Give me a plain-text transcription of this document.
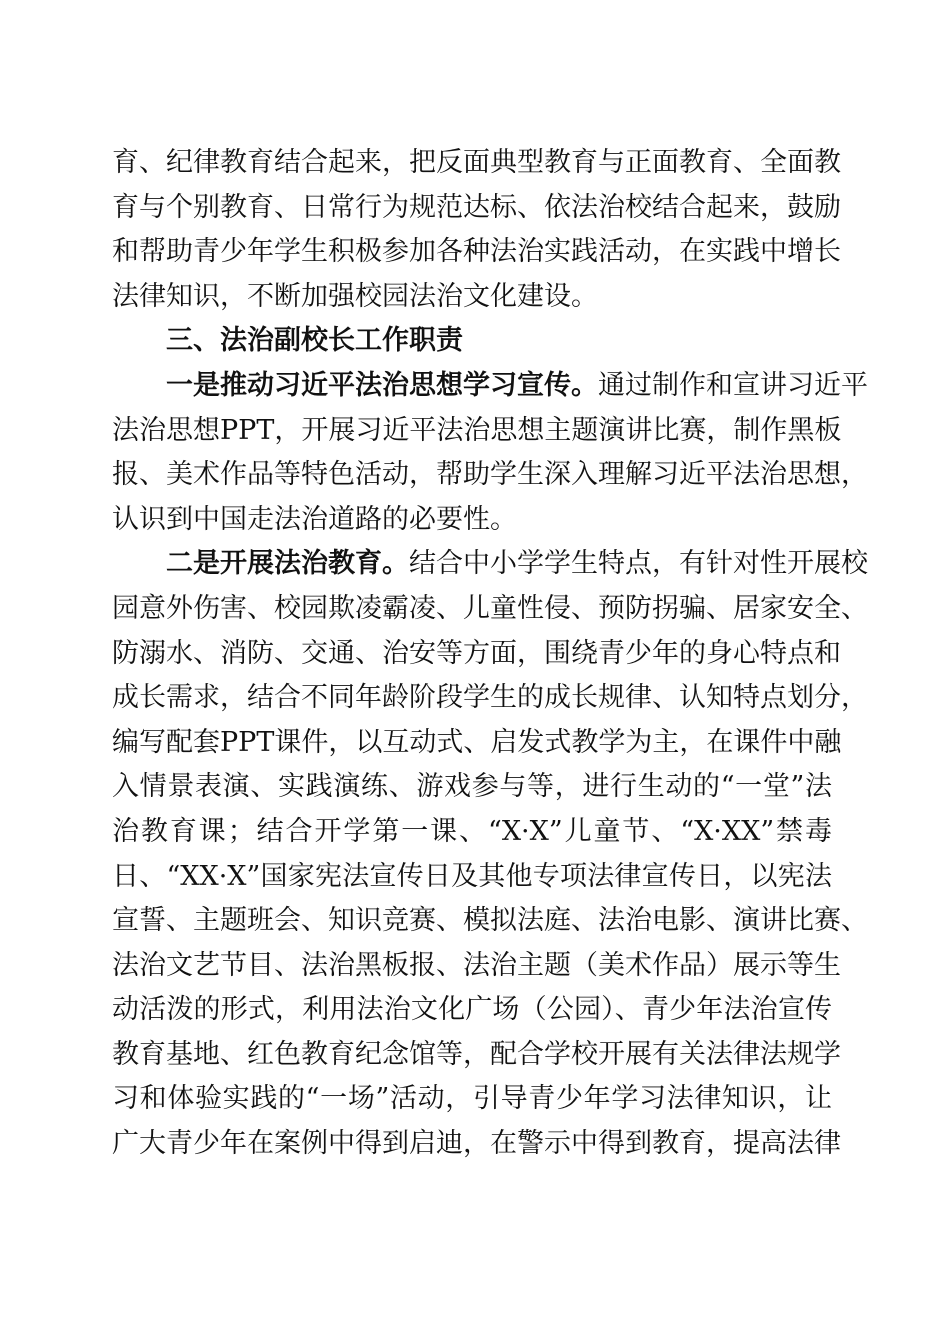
育、纪律教育结合起来，把反面典型教育与正面教育、全面教
育与个别教育、日常行为规范达标、依法治校结合起来，鼓励
和帮助青少年学生积极参加各种法治实践活动，在实践中增长
法律知识，不断加强校园法治文化建设。
三、法治副校长工作职责
一是推动习近平法治思想学习宣传。通过制作和宣讲习近平
法治思想PPT，开展习近平法治思想主题演讲比赛，制作黑板
报、美术作品等特色活动，帮助学生深入理解习近平法治思想，
认识到中国走法治道路的必要性。
二是开展法治教育。结合中小学学生特点，有针对性开展校
园意外伤害、校园欺凌霸凌、儿童性侵、预防拐骗、居家安全、
防溺水、消防、交通、治安等方面，围绕青少年的身心特点和
成长需求，结合不同年龄阶段学生的成长规律、认知特点划分，
编写配套PPT课件，以互动式、启发式教学为主，在课件中融
入情景表演、实践演练、游戏参与等，进行生动的“一堂”法
治教育课；结合开学第一课、“X·X”儿童节、“X·XX”禁毒
日、“XX·X”国家宪法宣传日及其他专项法律宣传日，以宪法
宣誓、主题班会、知识竞赛、模拟法庭、法治电影、演讲比赛、
法治文艺节目、法治黑板报、法治主题（美术作品）展示等生
动活泼的形式，利用法治文化广场（公园）、青少年法治宣传
教育基地、红色教育纪念馆等，配合学校开展有关法律法规学
习和体验实践的“一场”活动，引导青少年学习法律知识，让
广大青少年在案例中得到启迪，在警示中得到教育，提高法律
